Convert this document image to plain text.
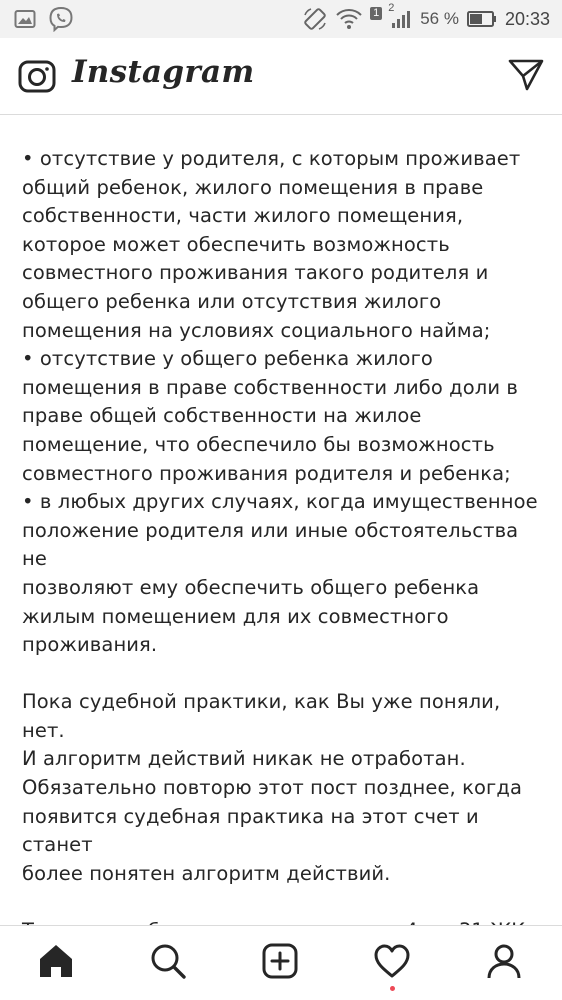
1 2
56 %	20:33
Instagram

• отсутствие у родителя, с которым проживает

общий ребенок, жилого помещения в праве

собственности, части жилого помещения,

которое может обеспечить возможность

совместного проживания такого родителя и

общего ребенка или отсутствия жилого

помещения на условиях социального найма;

• отсутствие у общего ребенка жилого

помещения в праве собственности либо доли в

праве общей собственности на жилое

помещение, что обеспечило бы возможность

совместного проживания родителя и ребенка;

• в любых других случаях, когда имущественное

положение родителя или иные обстоятельства не

позволяют ему обеспечить общего ребенка

жилым помещением для их совместного

проживания.

Пока судебной практики, как Вы уже поняли, нет.

И алгоритм действий никак не отработан.

Обязательно повторю этот пост позднее, когда

появится судебная практика на этот счет и станет

более понятен алгоритм действий.
